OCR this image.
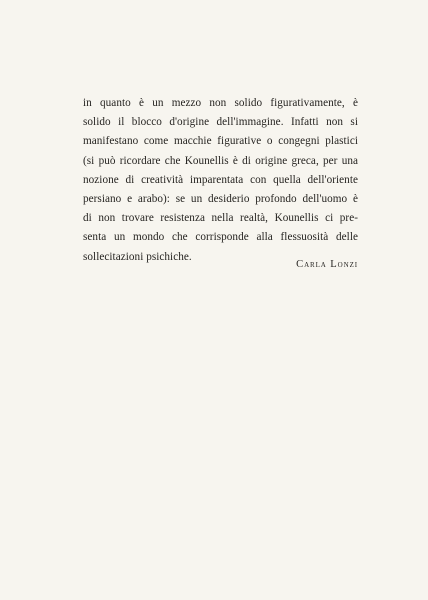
in quanto è un mezzo non solido figurativamente, è
solido il blocco d'origine dell'immagine. Infatti non si
manifestano come macchie figurative o congegni plastici
(si può ricordare che Kounellis è di origine greca, per una
nozione di creatività imparentata con quella dell'oriente
persiano e arabo): se un desiderio profondo dell'uomo è
di non trovare resistenza nella realtà, Kounellis ci pre-
senta un mondo che corrisponde alla flessuosità delle
sollecitazioni psichiche.
Carla Lonzi
